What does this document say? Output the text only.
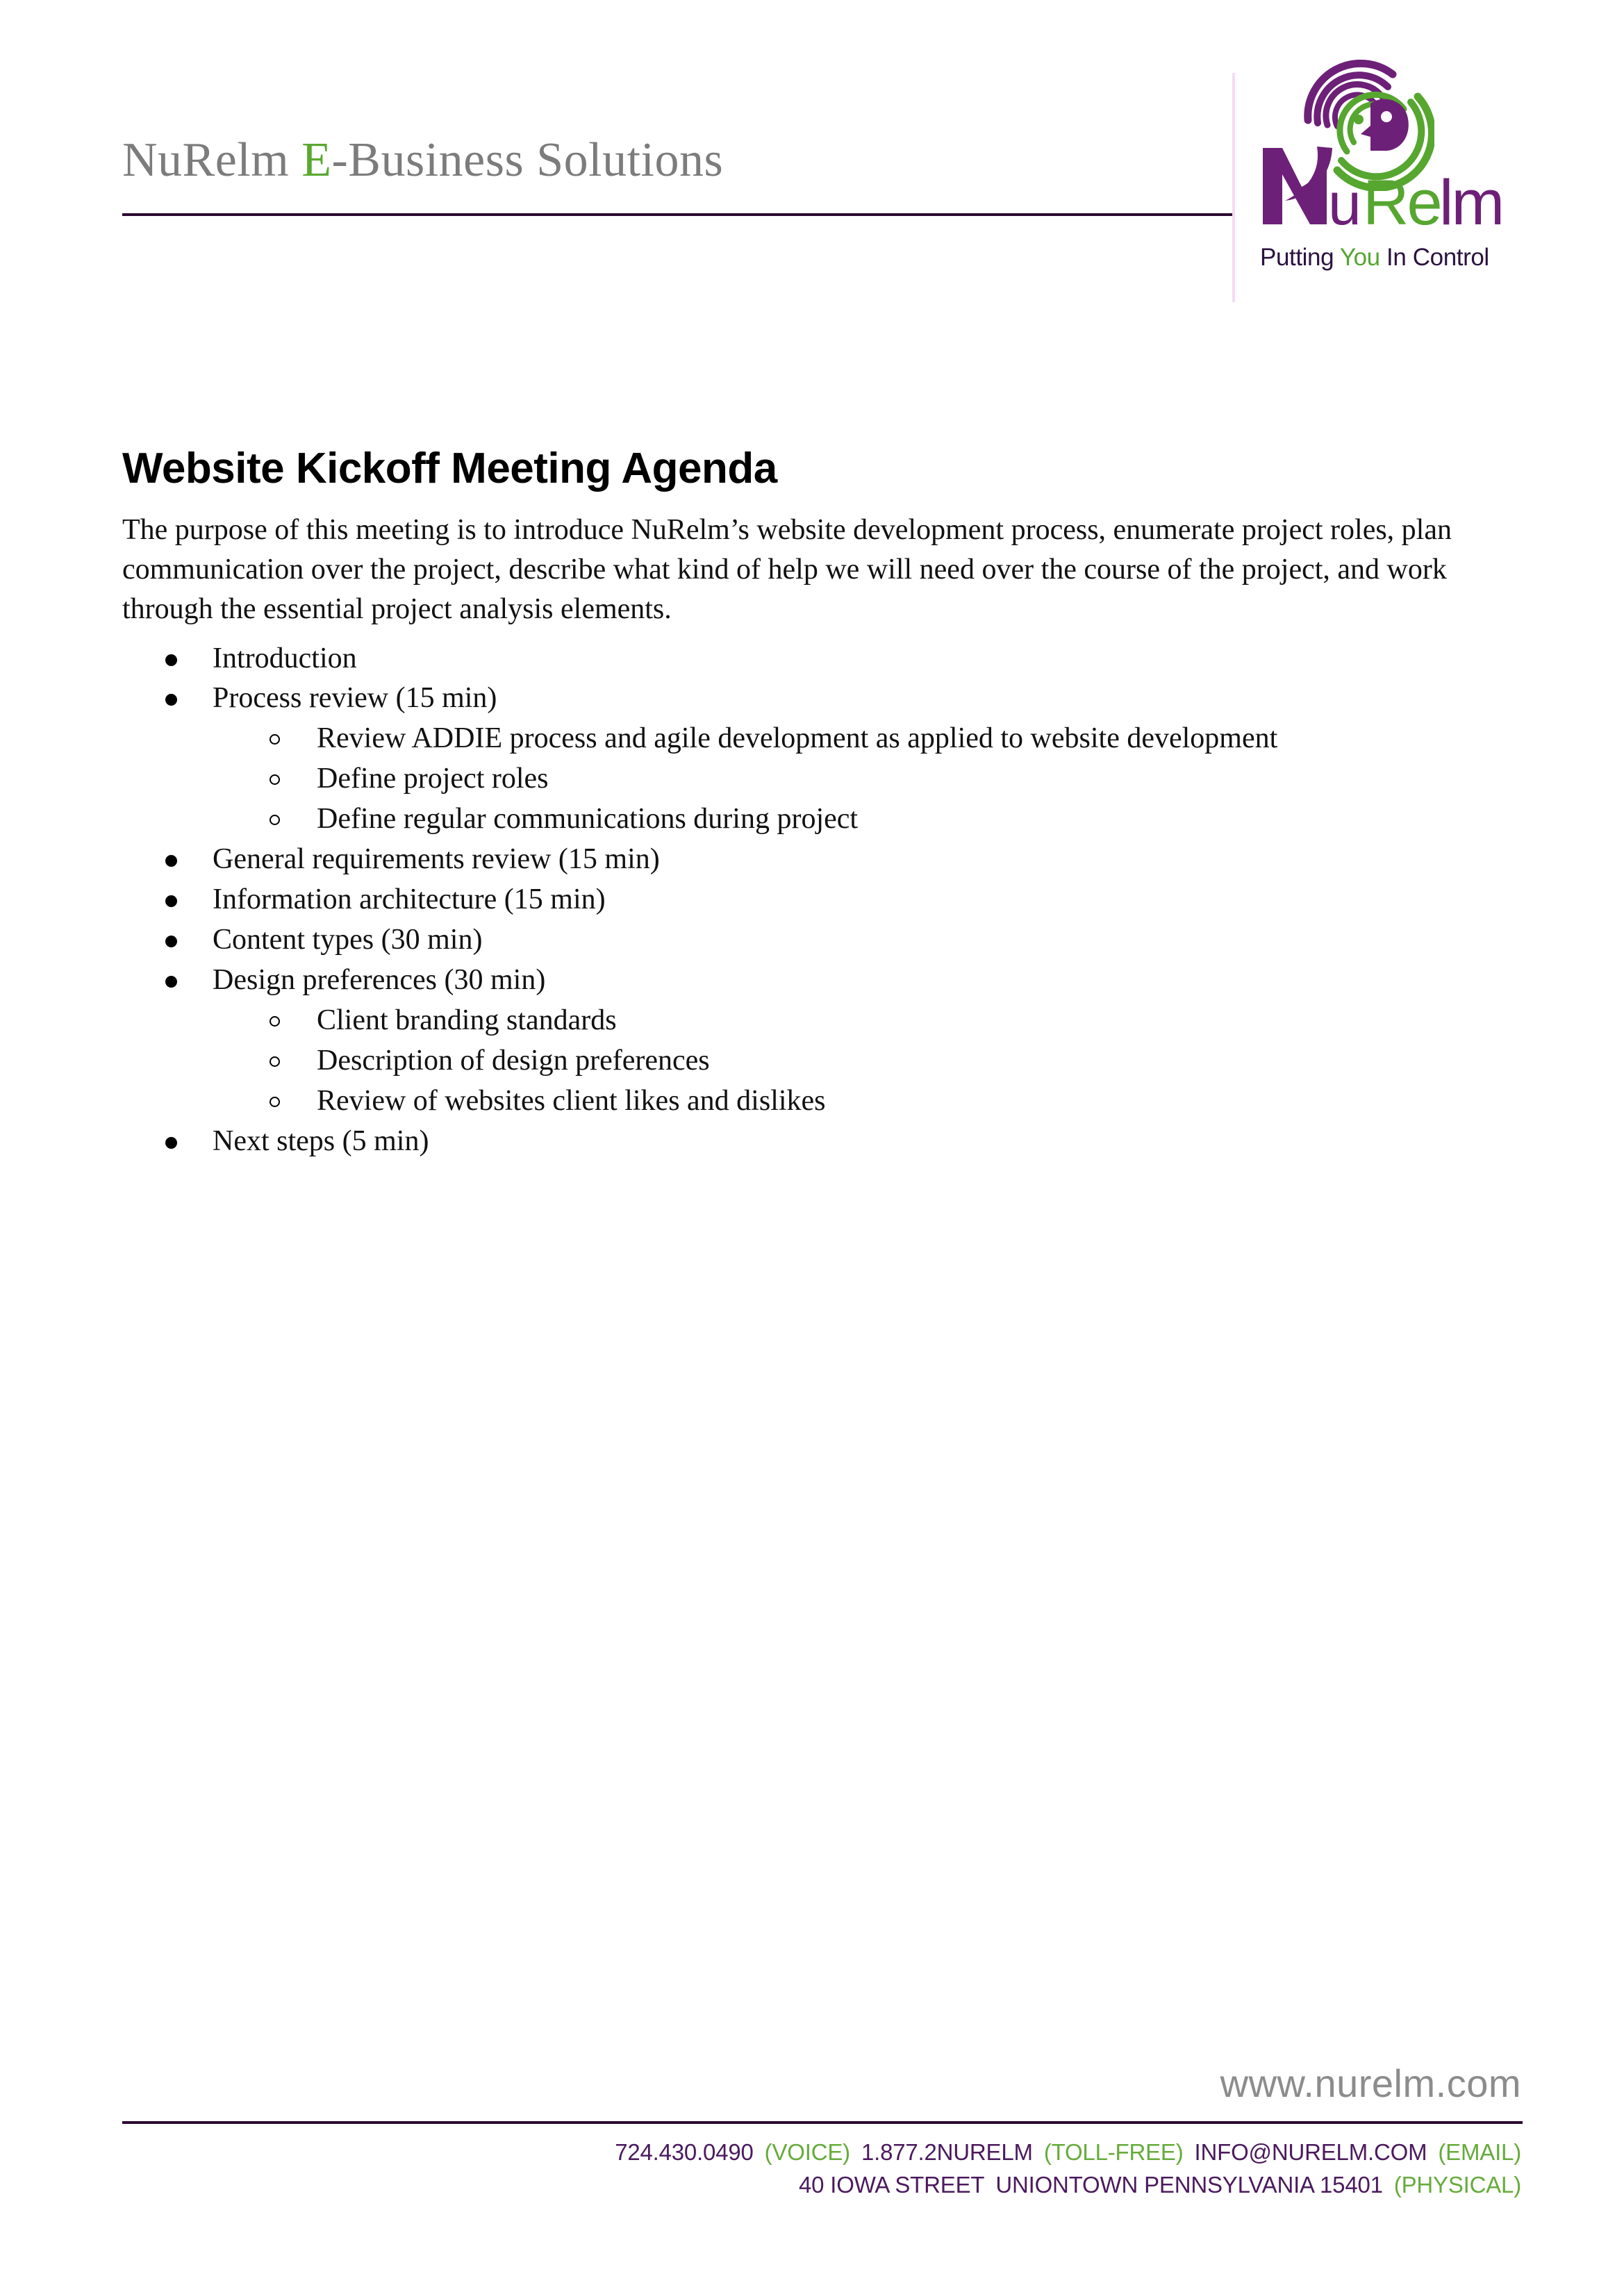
NuRelm E-Business Solutions
u Re
lm
Putting You In Control
Website Kickoff Meeting Agenda

The purpose of this meeting is to introduce NuRelm’s website development process, enumerate project roles, plan communication over the project, describe what kind of help we will need over the course of the project, and work through the essential project analysis elements.

Introduction
Process review (15 min)
Review ADDIE process and agile development as applied to website development
Define project roles
Define regular communications during project
General requirements review (15 min)
Information architecture (15 min)
Content types (30 min)
Design preferences (30 min)
Client branding standards
Description of design preferences
Review of websites client likes and dislikes
Next steps (5 min)
www.nurelm.com
724.430.0490 (VOICE) 1.877.2NURELM (TOLL-FREE) INFO@NURELM.COM (EMAIL)
40 IOWA STREET UNIONTOWN PENNSYLVANIA 15401 (PHYSICAL)
